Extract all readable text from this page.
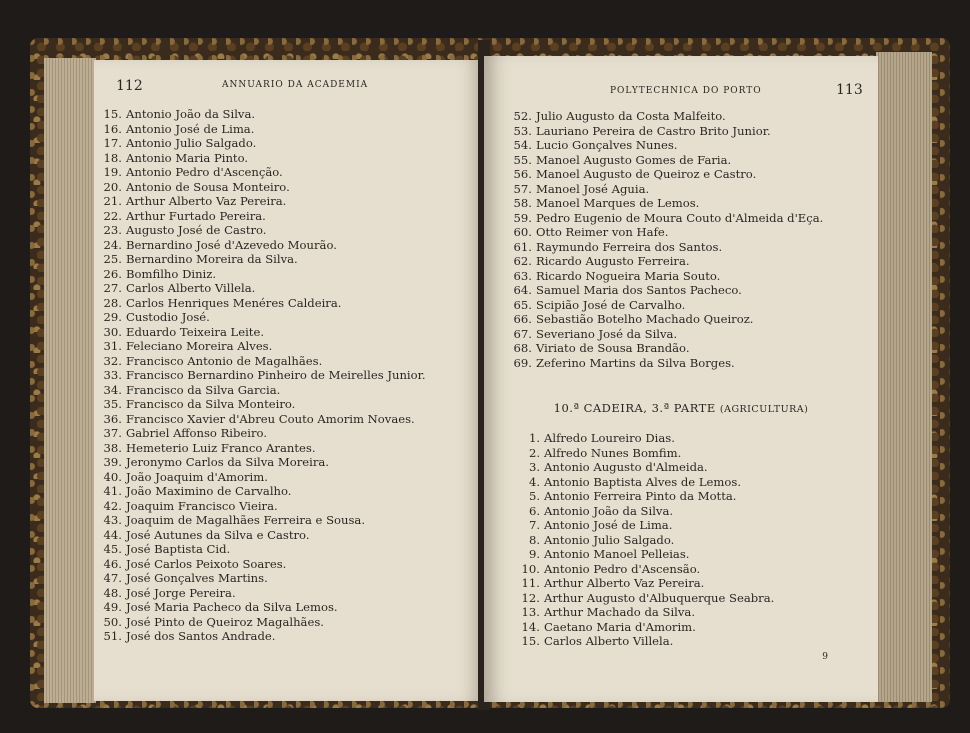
112	ANNUARIO DA ACADEMIA
15. Antonio João da Silva.
16. Antonio José de Lima.
17. Antonio Julio Salgado.
18. Antonio Maria Pinto.
19. Antonio Pedro d'Ascenção.
20. Antonio de Sousa Monteiro.
21. Arthur Alberto Vaz Pereira.
22. Arthur Furtado Pereira.
23. Augusto José de Castro.
24. Bernardino José d'Azevedo Mourão.
25. Bernardino Moreira da Silva.
26. Bomfilho Diniz.
27. Carlos Alberto Villela.
28. Carlos Henriques Menéres Caldeira.
29. Custodio José.
30. Eduardo Teixeira Leite.
31. Feleciano Moreira Alves.
32. Francisco Antonio de Magalhães.
33. Francisco Bernardino Pinheiro de Meirelles Junior.
34. Francisco da Silva Garcia.
35. Francisco da Silva Monteiro.
36. Francisco Xavier d'Abreu Couto Amorim Novaes.
37. Gabriel Affonso Ribeiro.
38. Hemeterio Luiz Franco Arantes.
39. Jeronymo Carlos da Silva Moreira.
40. João Joaquim d'Amorim.
41. João Maximino de Carvalho.
42. Joaquim Francisco Vieira.
43. Joaquim de Magalhães Ferreira e Sousa.
44. José Autunes da Silva e Castro.
45. José Baptista Cid.
46. José Carlos Peixoto Soares.
47. José Gonçalves Martins.
48. José Jorge Pereira.
49. José Maria Pacheco da Silva Lemos.
50. José Pinto de Queiroz Magalhães.
51. José dos Santos Andrade.
POLYTECHNICA DO PORTO	113
52. Julio Augusto da Costa Malfeito.
53. Lauriano Pereira de Castro Brito Junior.
54. Lucio Gonçalves Nunes.
55. Manoel Augusto Gomes de Faria.
56. Manoel Augusto de Queiroz e Castro.
57. Manoel José Aguia.
58. Manoel Marques de Lemos.
59. Pedro Eugenio de Moura Couto d'Almeida d'Eça.
60. Otto Reimer von Hafe.
61. Raymundo Ferreira dos Santos.
62. Ricardo Augusto Ferreira.
63. Ricardo Nogueira Maria Souto.
64. Samuel Maria dos Santos Pacheco.
65. Scipião José de Carvalho.
66. Sebastião Botelho Machado Queiroz.
67. Severiano José da Silva.
68. Viriato de Sousa Brandão.
69. Zeferino Martins da Silva Borges.
10.ª CADEIRA, 3.ª PARTE (AGRICULTURA)
1. Alfredo Loureiro Dias.
2. Alfredo Nunes Bomfim.
3. Antonio Augusto d'Almeida.
4. Antonio Baptista Alves de Lemos.
5. Antonio Ferreira Pinto da Motta.
6. Antonio João da Silva.
7. Antonio José de Lima.
8. Antonio Julio Salgado.
9. Antonio Manoel Pelleias.
10. Antonio Pedro d'Ascensão.
11. Arthur Alberto Vaz Pereira.
12. Arthur Augusto d'Albuquerque Seabra.
13. Arthur Machado da Silva.
14. Caetano Maria d'Amorim.
15. Carlos Alberto Villela.
9
